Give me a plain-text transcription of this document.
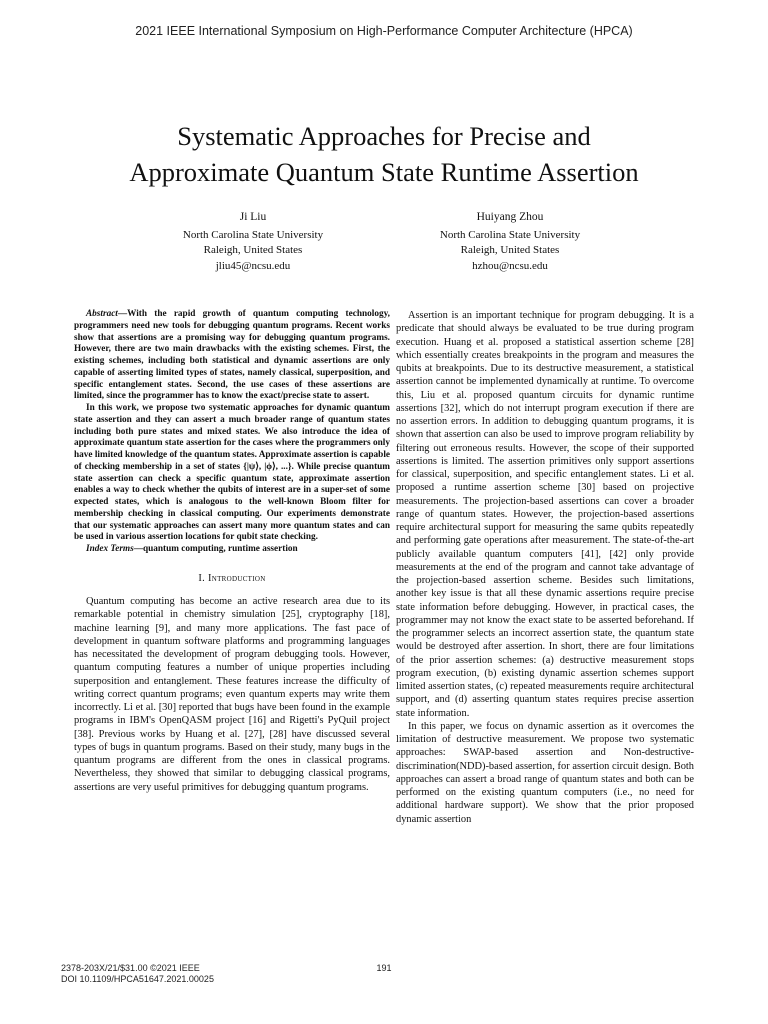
2021 IEEE International Symposium on High-Performance Computer Architecture (HPCA)
Systematic Approaches for Precise and
Approximate Quantum State Runtime Assertion
Ji Liu
North Carolina State University
Raleigh, United States
jliu45@ncsu.edu
Huiyang Zhou
North Carolina State University
Raleigh, United States
hzhou@ncsu.edu

Abstract—With the rapid growth of quantum computing technology, programmers need new tools for debugging quantum programs. Recent works show that assertions are a promising way for debugging quantum programs. However, there are two main drawbacks with the existing schemes. First, the existing schemes, including both statistical and dynamic assertions are only capable of asserting limited types of states, namely classical, superposition, and specific entanglement states. Second, the use cases of these assertions are limited, since the programmer has to know the exact/precise state to assert.

In this work, we propose two systematic approaches for dynamic quantum state assertion and they can assert a much broader range of quantum states including both pure states and mixed states. We also introduce the idea of approximate quantum state assertion for the cases where the programmers only have limited knowledge of the quantum states. Approximate assertion is capable of checking membership in a set of states {|ψ⟩, |ϕ⟩, ...}. While precise quantum state assertion can check a specific quantum state, approximate assertion enables a way to check whether the qubits of interest are in a super-set of some expected states, which is analogous to the well-known Bloom filter for membership checking in classical computing. Our experiments demonstrate that our systematic approaches can assert many more quantum states and can be used in various assertion locations for qubit state checking.

Index Terms—quantum computing, runtime assertion

I. Introduction

Quantum computing has become an active research area due to its remarkable potential in chemistry simulation [25], cryptography [18], machine learning [9], and many more applications. The fast pace of development in quantum software platforms and programming languages has necessitated the development of program debugging tools. However, quantum computing features a number of unique properties including superposition and entanglement. These features increase the difficulty of writing correct quantum programs; even quantum experts may write them incorrectly. Li et al. [30] reported that bugs have been found in the example programs in IBM's OpenQASM project [16] and Rigetti's PyQuil project [38]. Previous works by Huang et al. [27], [28] have discussed several types of bugs in quantum programs. Based on their study, many bugs in the quantum programs are different from the ones in classical programs. Nevertheless, they showed that similar to debugging classical programs, assertions are very useful primitives for debugging quantum programs.

Assertion is an important technique for program debugging. It is a predicate that should always be evaluated to be true during program execution. Huang et al. proposed a statistical assertion scheme [28] which essentially creates breakpoints in the program and measures the qubits at breakpoints. Due to its destructive measurement, a statistical assertion cannot be implemented dynamically at runtime. To overcome this, Liu et al. proposed quantum circuits for dynamic runtime assertions [32], which do not interrupt program execution if there are no assertion errors. In addition to debugging quantum programs, it is shown that assertion can also be used to improve program reliability by filtering out erroneous results. However, the scope of their supported assertions is limited. The assertion primitives only support assertions for classical, superposition, and specific entanglement states. Li et al. proposed a runtime assertion scheme [30] based on projective measurements. The projection-based assertions can cover a broader range of quantum states. However, the projection-based assertions require architectural support for measuring the same qubits repeatedly and performing gate operations after measurement. The state-of-the-art publicly available quantum computers [41], [42] only provide measurements at the end of the program and cannot take advantage of the projection-based assertion scheme. Besides such limitations, another key issue is that all these dynamic assertions require precise state information before debugging. However, in practical cases, the programmer may not know the exact state to be asserted beforehand. If the programmer selects an incorrect assertion state, the quantum state would be destroyed after assertion. In short, there are four limitations of the prior assertion schemes: (a) destructive measurement stops program execution, (b) existing dynamic assertion schemes support limited assertion states, (c) repeated measurements require architectural support, and (d) asserting quantum states requires precise assertion state information.

In this paper, we focus on dynamic assertion as it overcomes the limitation of destructive measurement. We propose two systematic approaches: SWAP-based assertion and Non-destructive-discrimination(NDD)-based assertion, for assertion circuit design. Both approaches can assert a broad range of quantum states and both can be performed on the existing quantum computers (i.e., no need for additional hardware support). We show that the prior proposed dynamic assertion

2378-203X/21/$31.00 ©2021 IEEE
DOI 10.1109/HPCA51647.2021.00025
191
